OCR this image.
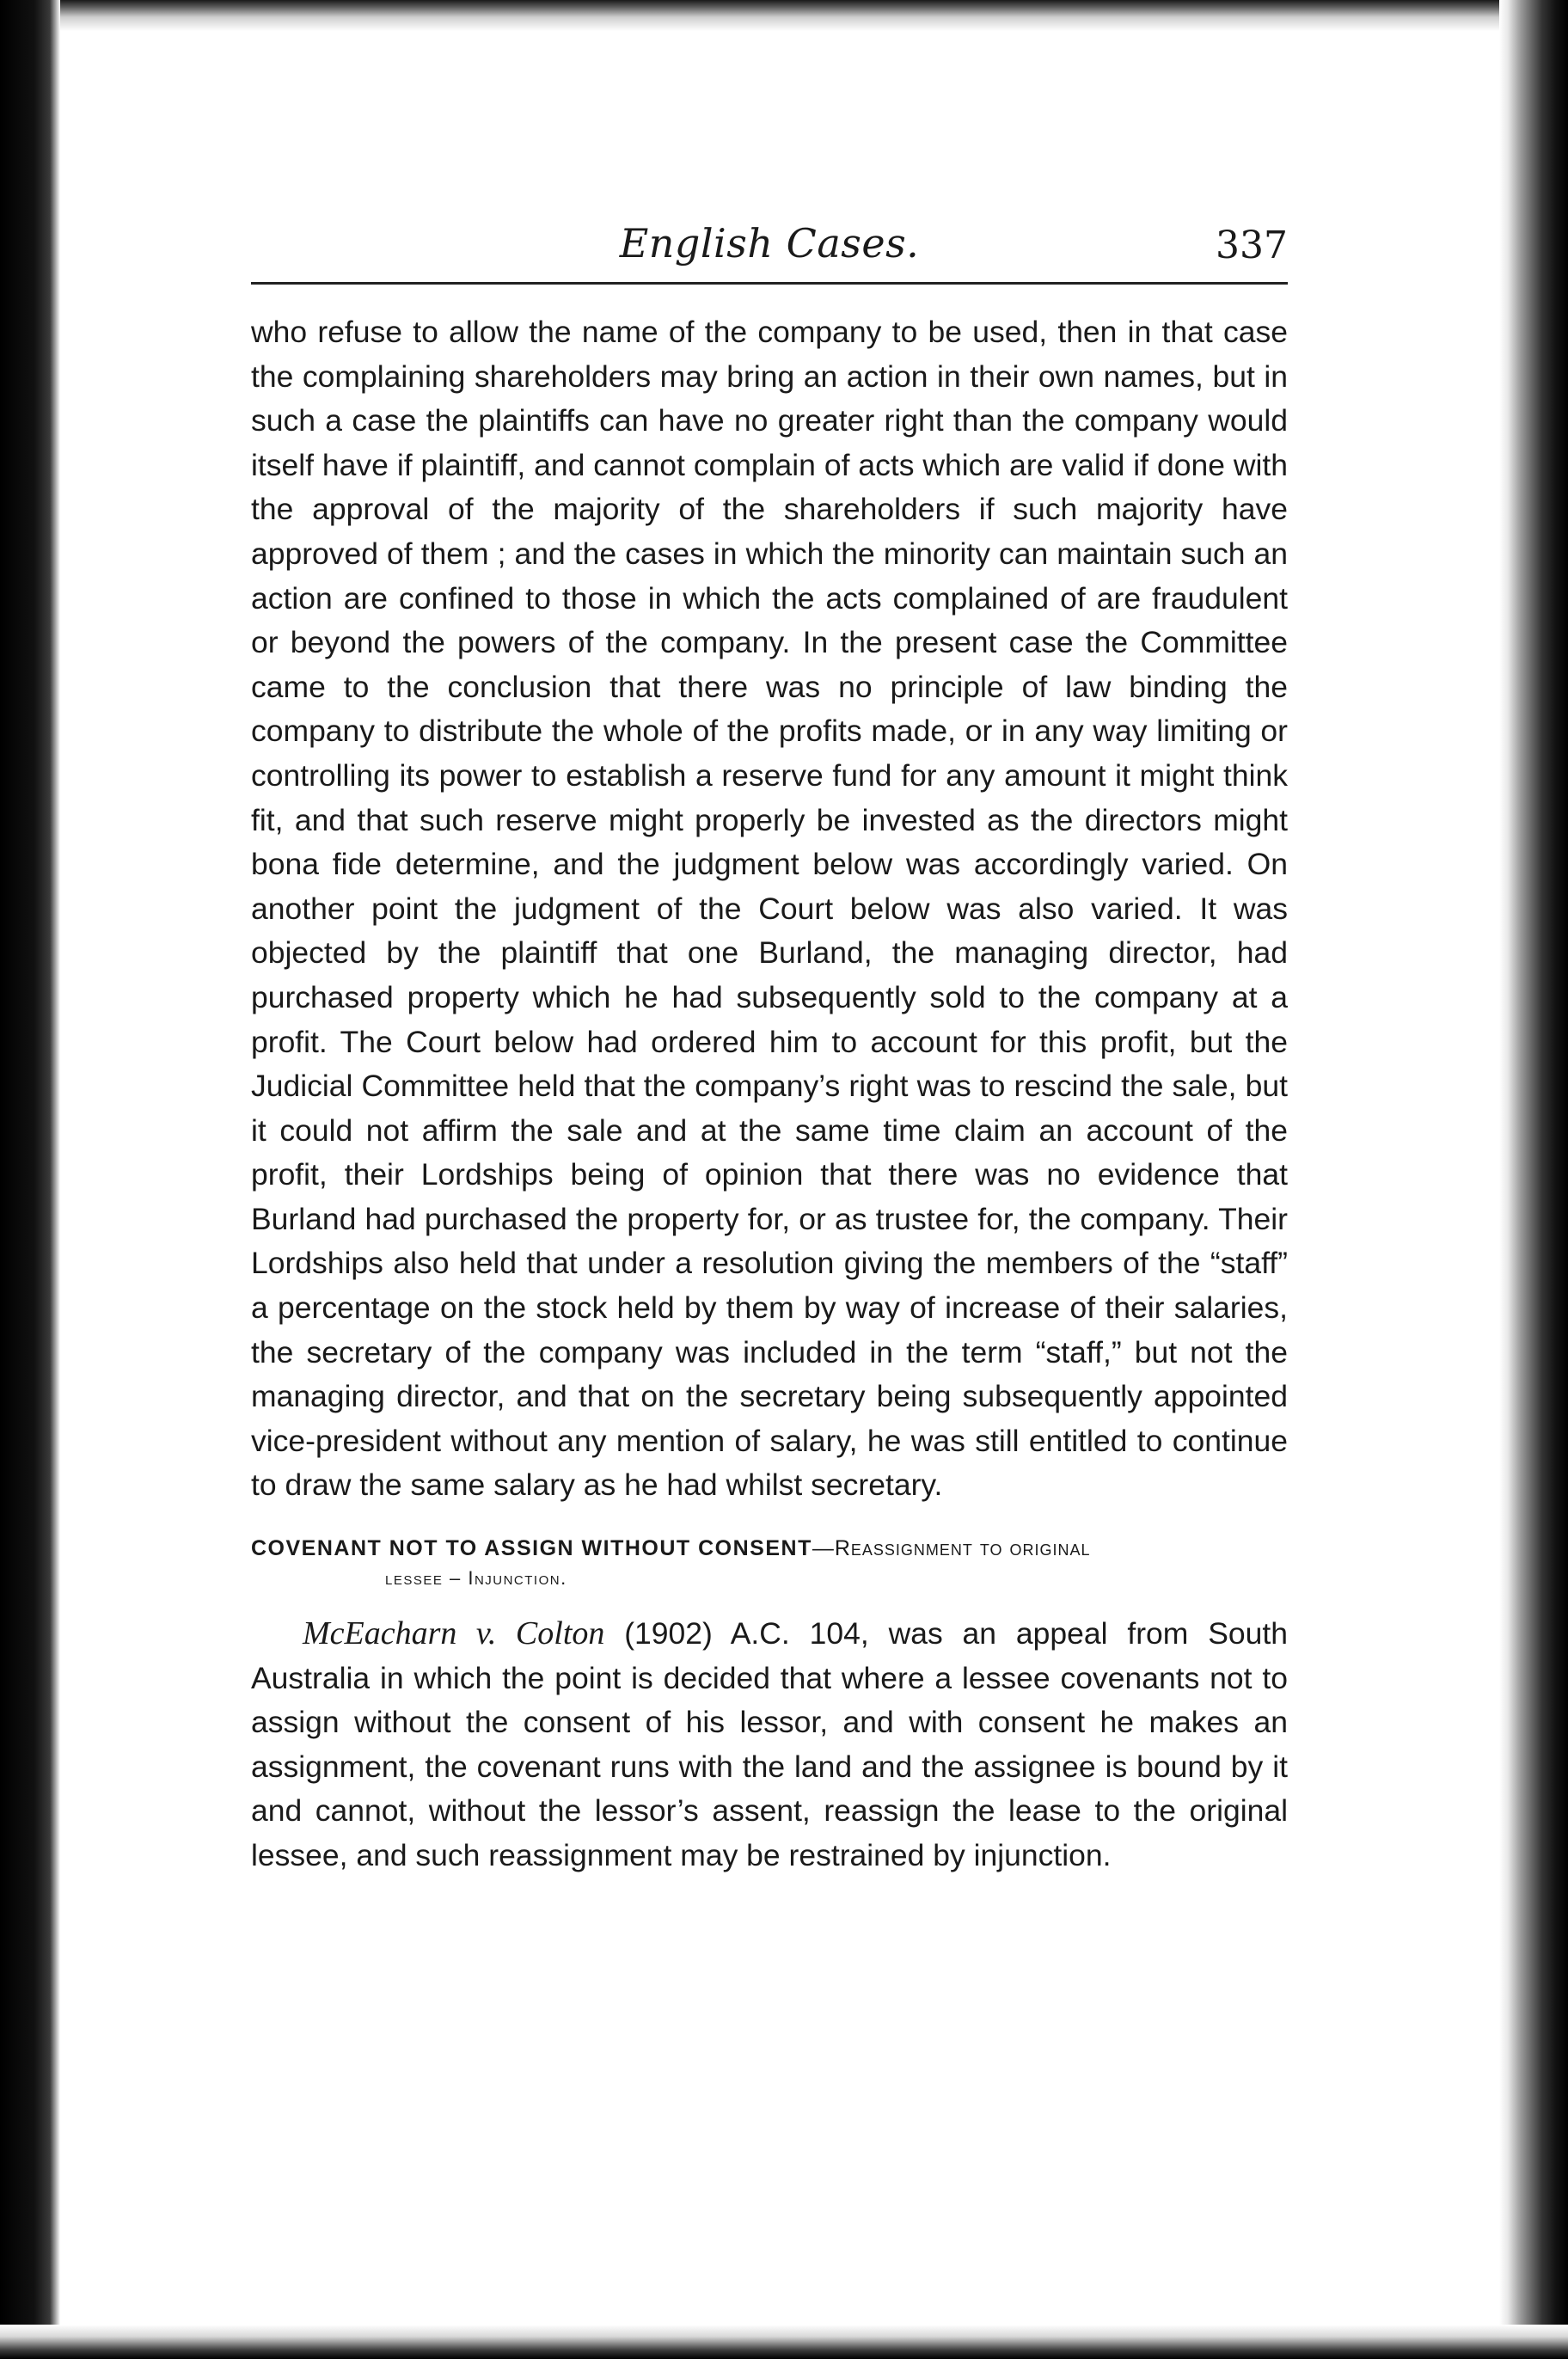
English Cases.	337

who refuse to allow the name of the company to be used, then in that case the complaining shareholders may bring an action in their own names, but in such a case the plaintiffs can have no greater right than the company would itself have if plaintiff, and cannot complain of acts which are valid if done with the approval of the majority of the shareholders if such majority have approved of them ; and the cases in which the minority can maintain such an action are confined to those in which the acts complained of are fraudulent or beyond the powers of the company. In the present case the Committee came to the conclusion that there was no principle of law binding the company to distribute the whole of the profits made, or in any way limiting or controlling its power to establish a reserve fund for any amount it might think fit, and that such reserve might properly be invested as the directors might bona fide determine, and the judgment below was accordingly varied. On another point the judgment of the Court below was also varied. It was objected by the plaintiff that one Burland, the managing director, had purchased property which he had subsequently sold to the company at a profit. The Court below had ordered him to account for this profit, but the Judicial Committee held that the company’s right was to rescind the sale, but it could not affirm the sale and at the same time claim an account of the profit, their Lordships being of opinion that there was no evidence that Burland had purchased the property for, or as trustee for, the company. Their Lordships also held that under a resolution giving the members of the “staff” a percentage on the stock held by them by way of increase of their salaries, the secretary of the company was included in the term “staff,” but not the managing director, and that on the secretary being subsequently appointed vice-president without any mention of salary, he was still entitled to continue to draw the same salary as he had whilst secretary.

COVENANT NOT TO ASSIGN WITHOUT CONSENT—Reassignment to original
lessee – Injunction.

McEacharn v. Colton (1902) A.C. 104, was an appeal from South Australia in which the point is decided that where a lessee covenants not to assign without the consent of his lessor, and with consent he makes an assignment, the covenant runs with the land and the assignee is bound by it and cannot, without the lessor’s assent, reassign the lease to the original lessee, and such reassignment may be restrained by injunction.
